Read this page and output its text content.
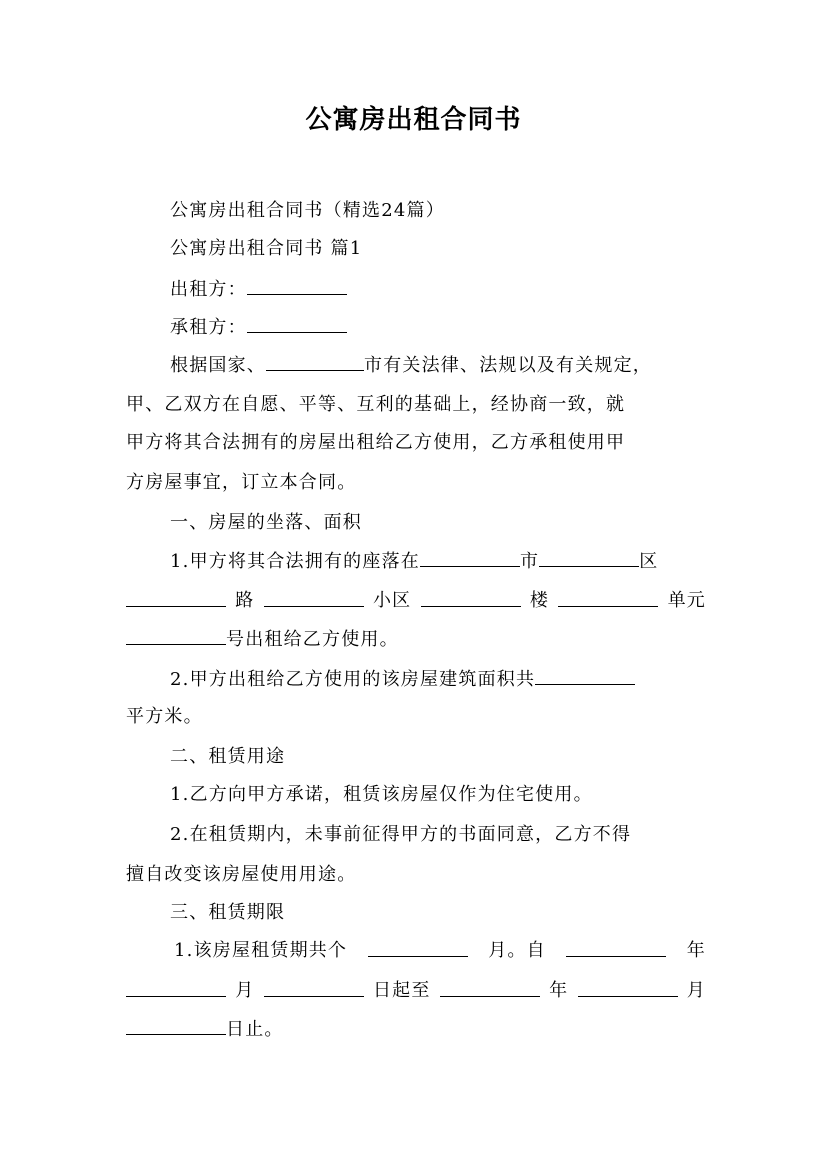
公寓房出租合同书
公寓房出租合同书（精选24篇）
公寓房出租合同书 篇1
出租方：
承租方：
根据国家、	市有关法律、法规以及有关规定，
甲、乙双方在自愿、平等、互利的基础上，经协商一致，就
甲方将其合法拥有的房屋出租给乙方使用，乙方承租使用甲
方房屋事宜，订立本合同。
一、房屋的坐落、面积
1.甲方将其合法拥有的座落在	市	区
路	小区	楼	单元
号出租给乙方使用。
2.甲方出租给乙方使用的该房屋建筑面积共
平方米。
二、租赁用途
1.乙方向甲方承诺，租赁该房屋仅作为住宅使用。
2.在租赁期内，未事前征得甲方的书面同意，乙方不得
擅自改变该房屋使用用途。
三、租赁期限
1.该房屋租赁期共个	月。自	年
月	日起至	年	月
日止。
